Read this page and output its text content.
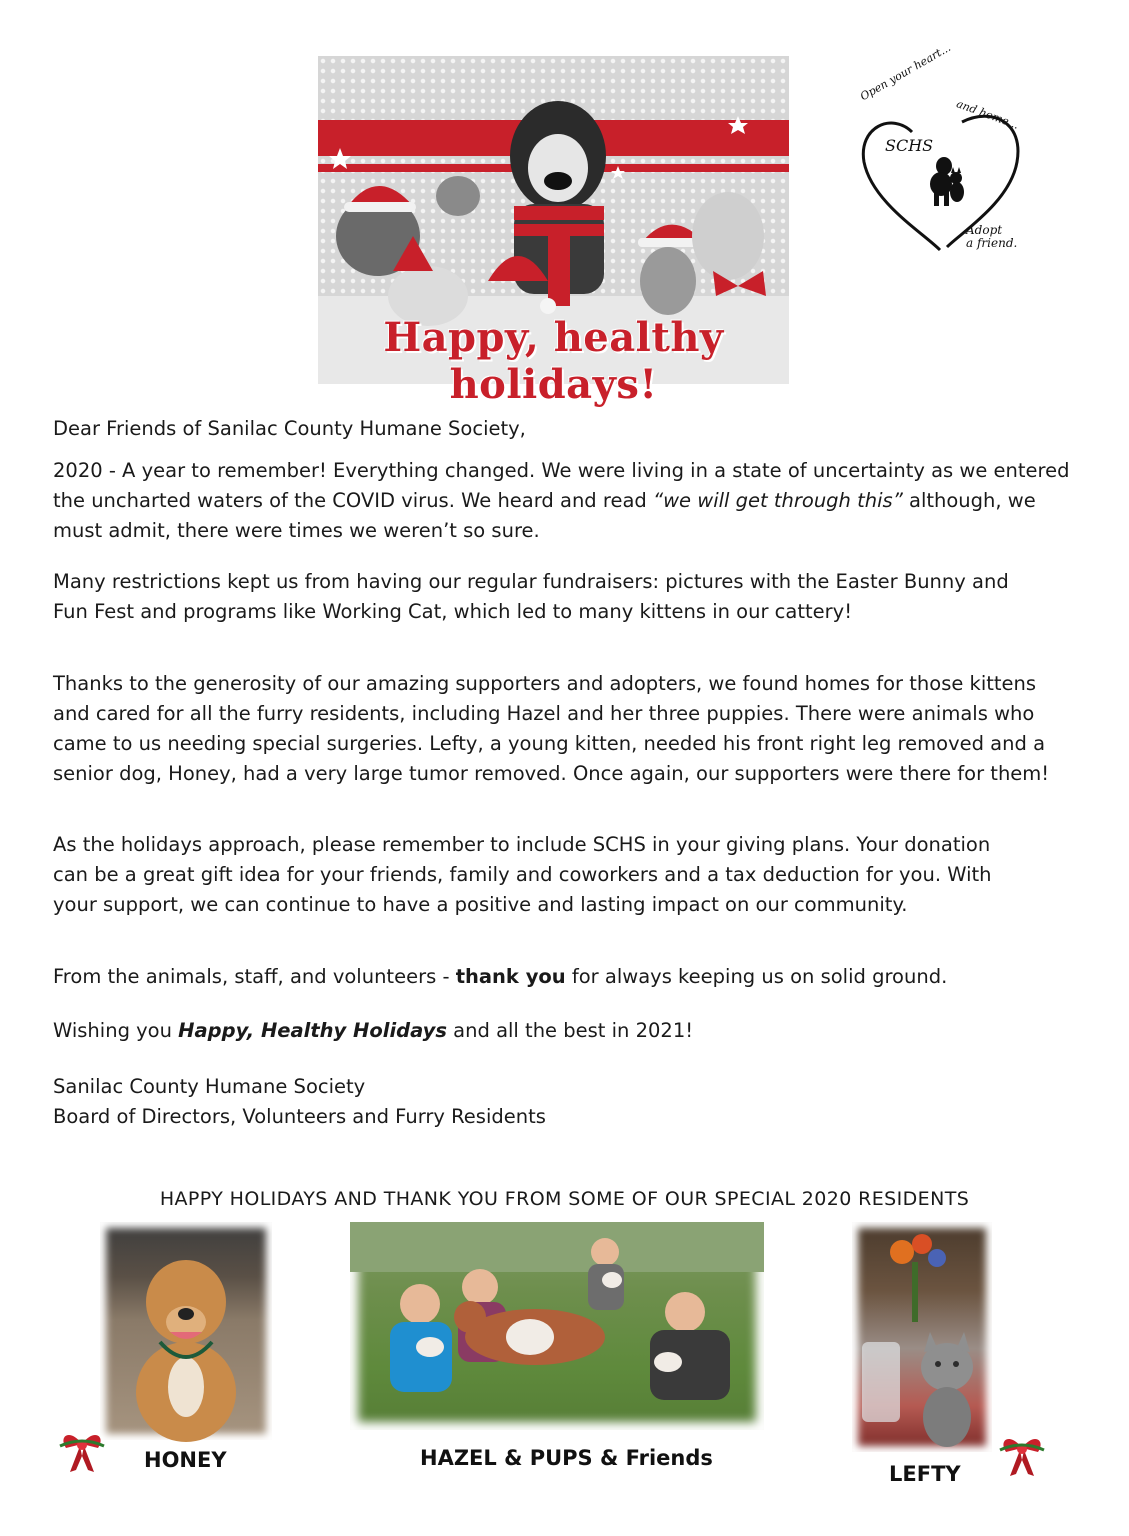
Happy, healthy holidays!
Open your heart...
and home...
SCHS
Adopt
a friend.
Dear Friends of Sanilac County Humane Society,
2020 - A year to remember! Everything changed. We were living in a state of uncertainty as we entered the uncharted waters of the COVID virus. We heard and read “we will get through this” although, we must admit, there were times we weren’t so sure.
Many restrictions kept us from having our regular fundraisers: pictures with the Easter Bunny and Fun Fest and programs like Working Cat, which led to many kittens in our cattery!
Thanks to the generosity of our amazing supporters and adopters, we found homes for those kittens and cared for all the furry residents, including Hazel and her three puppies. There were animals who came to us needing special surgeries. Lefty, a young kitten, needed his front right leg removed and a senior dog, Honey, had a very large tumor removed. Once again, our supporters were there for them!
As the holidays approach, please remember to include SCHS in your giving plans. Your donation can be a great gift idea for your friends, family and coworkers and a tax deduction for you. With your support, we can continue to have a positive and lasting impact on our community.
From the animals, staff, and volunteers - thank you for always keeping us on solid ground.
Wishing you Happy, Healthy Holidays and all the best in 2021!
Sanilac County Humane Society
Board of Directors, Volunteers and Furry Residents
HAPPY HOLIDAYS AND THANK YOU FROM SOME OF OUR SPECIAL 2020 RESIDENTS
HONEY	HAZEL & PUPS & Friends
LEFTY
